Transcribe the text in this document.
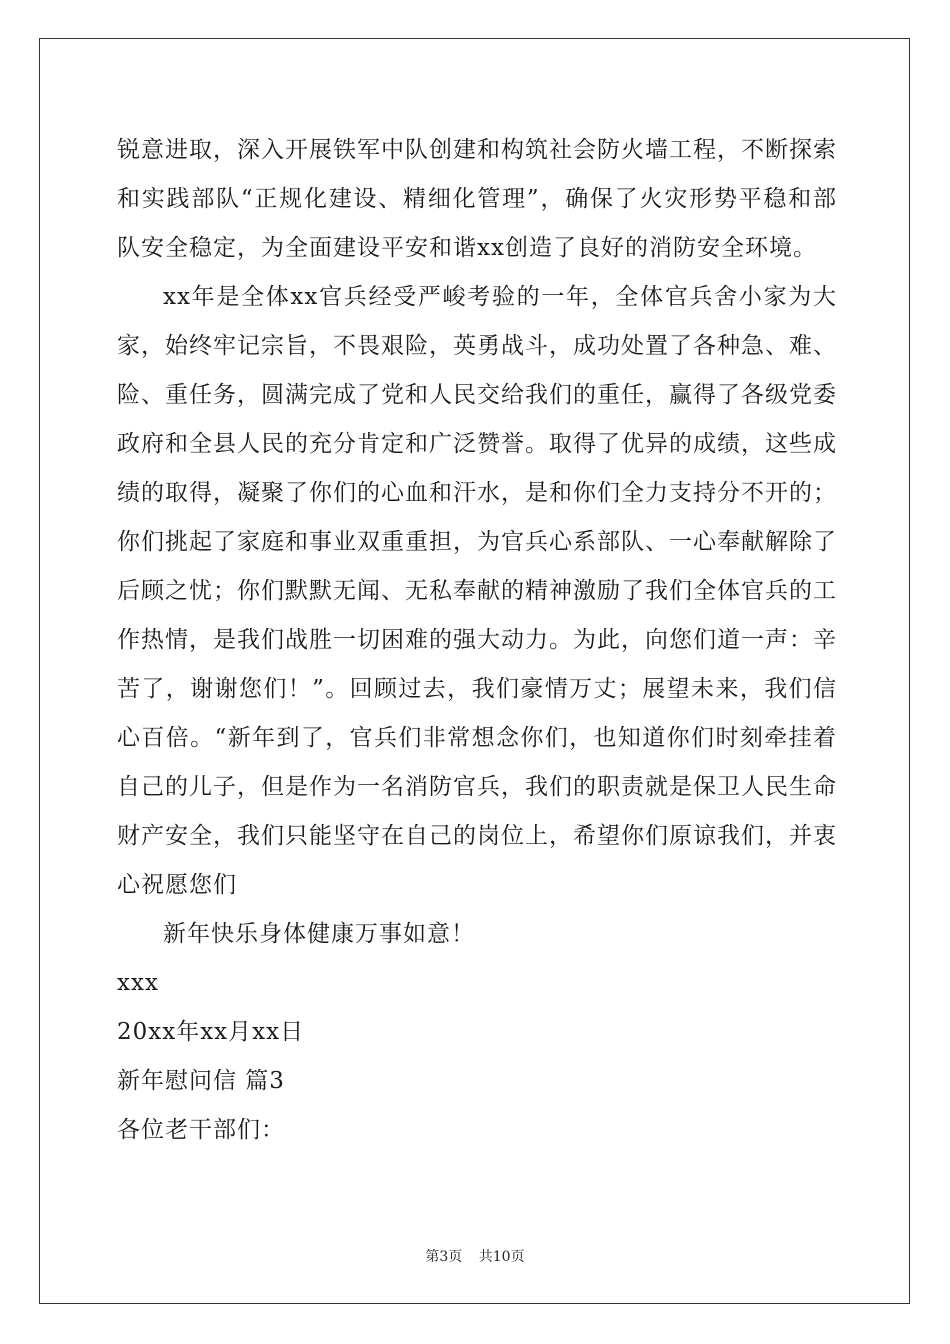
锐意进取，深入开展铁军中队创建和构筑社会防火墙工程，不断探索和实践部队“正规化建设、精细化管理”，确保了火灾形势平稳和部队安全稳定，为全面建设平安和谐xx创造了良好的消防安全环境。

xx年是全体xx官兵经受严峻考验的一年，全体官兵舍小家为大家，始终牢记宗旨，不畏艰险，英勇战斗，成功处置了各种急、难、险、重任务，圆满完成了党和人民交给我们的重任，赢得了各级党委政府和全县人民的充分肯定和广泛赞誉。取得了优异的成绩，这些成绩的取得，凝聚了你们的心血和汗水，是和你们全力支持分不开的；你们挑起了家庭和事业双重重担，为官兵心系部队、一心奉献解除了后顾之忧；你们默默无闻、无私奉献的精神激励了我们全体官兵的工作热情，是我们战胜一切困难的强大动力。为此，向您们道一声：辛苦了，谢谢您们！”。回顾过去，我们豪情万丈；展望未来，我们信心百倍。“新年到了，官兵们非常想念你们，也知道你们时刻牵挂着自己的儿子，但是作为一名消防官兵，我们的职责就是保卫人民生命财产安全，我们只能坚守在自己的岗位上，希望你们原谅我们，并衷心祝愿您们

新年快乐身体健康万事如意！

xxx

20xx年xx月xx日

新年慰问信 篇3

各位老干部们：

第3页 共10页
